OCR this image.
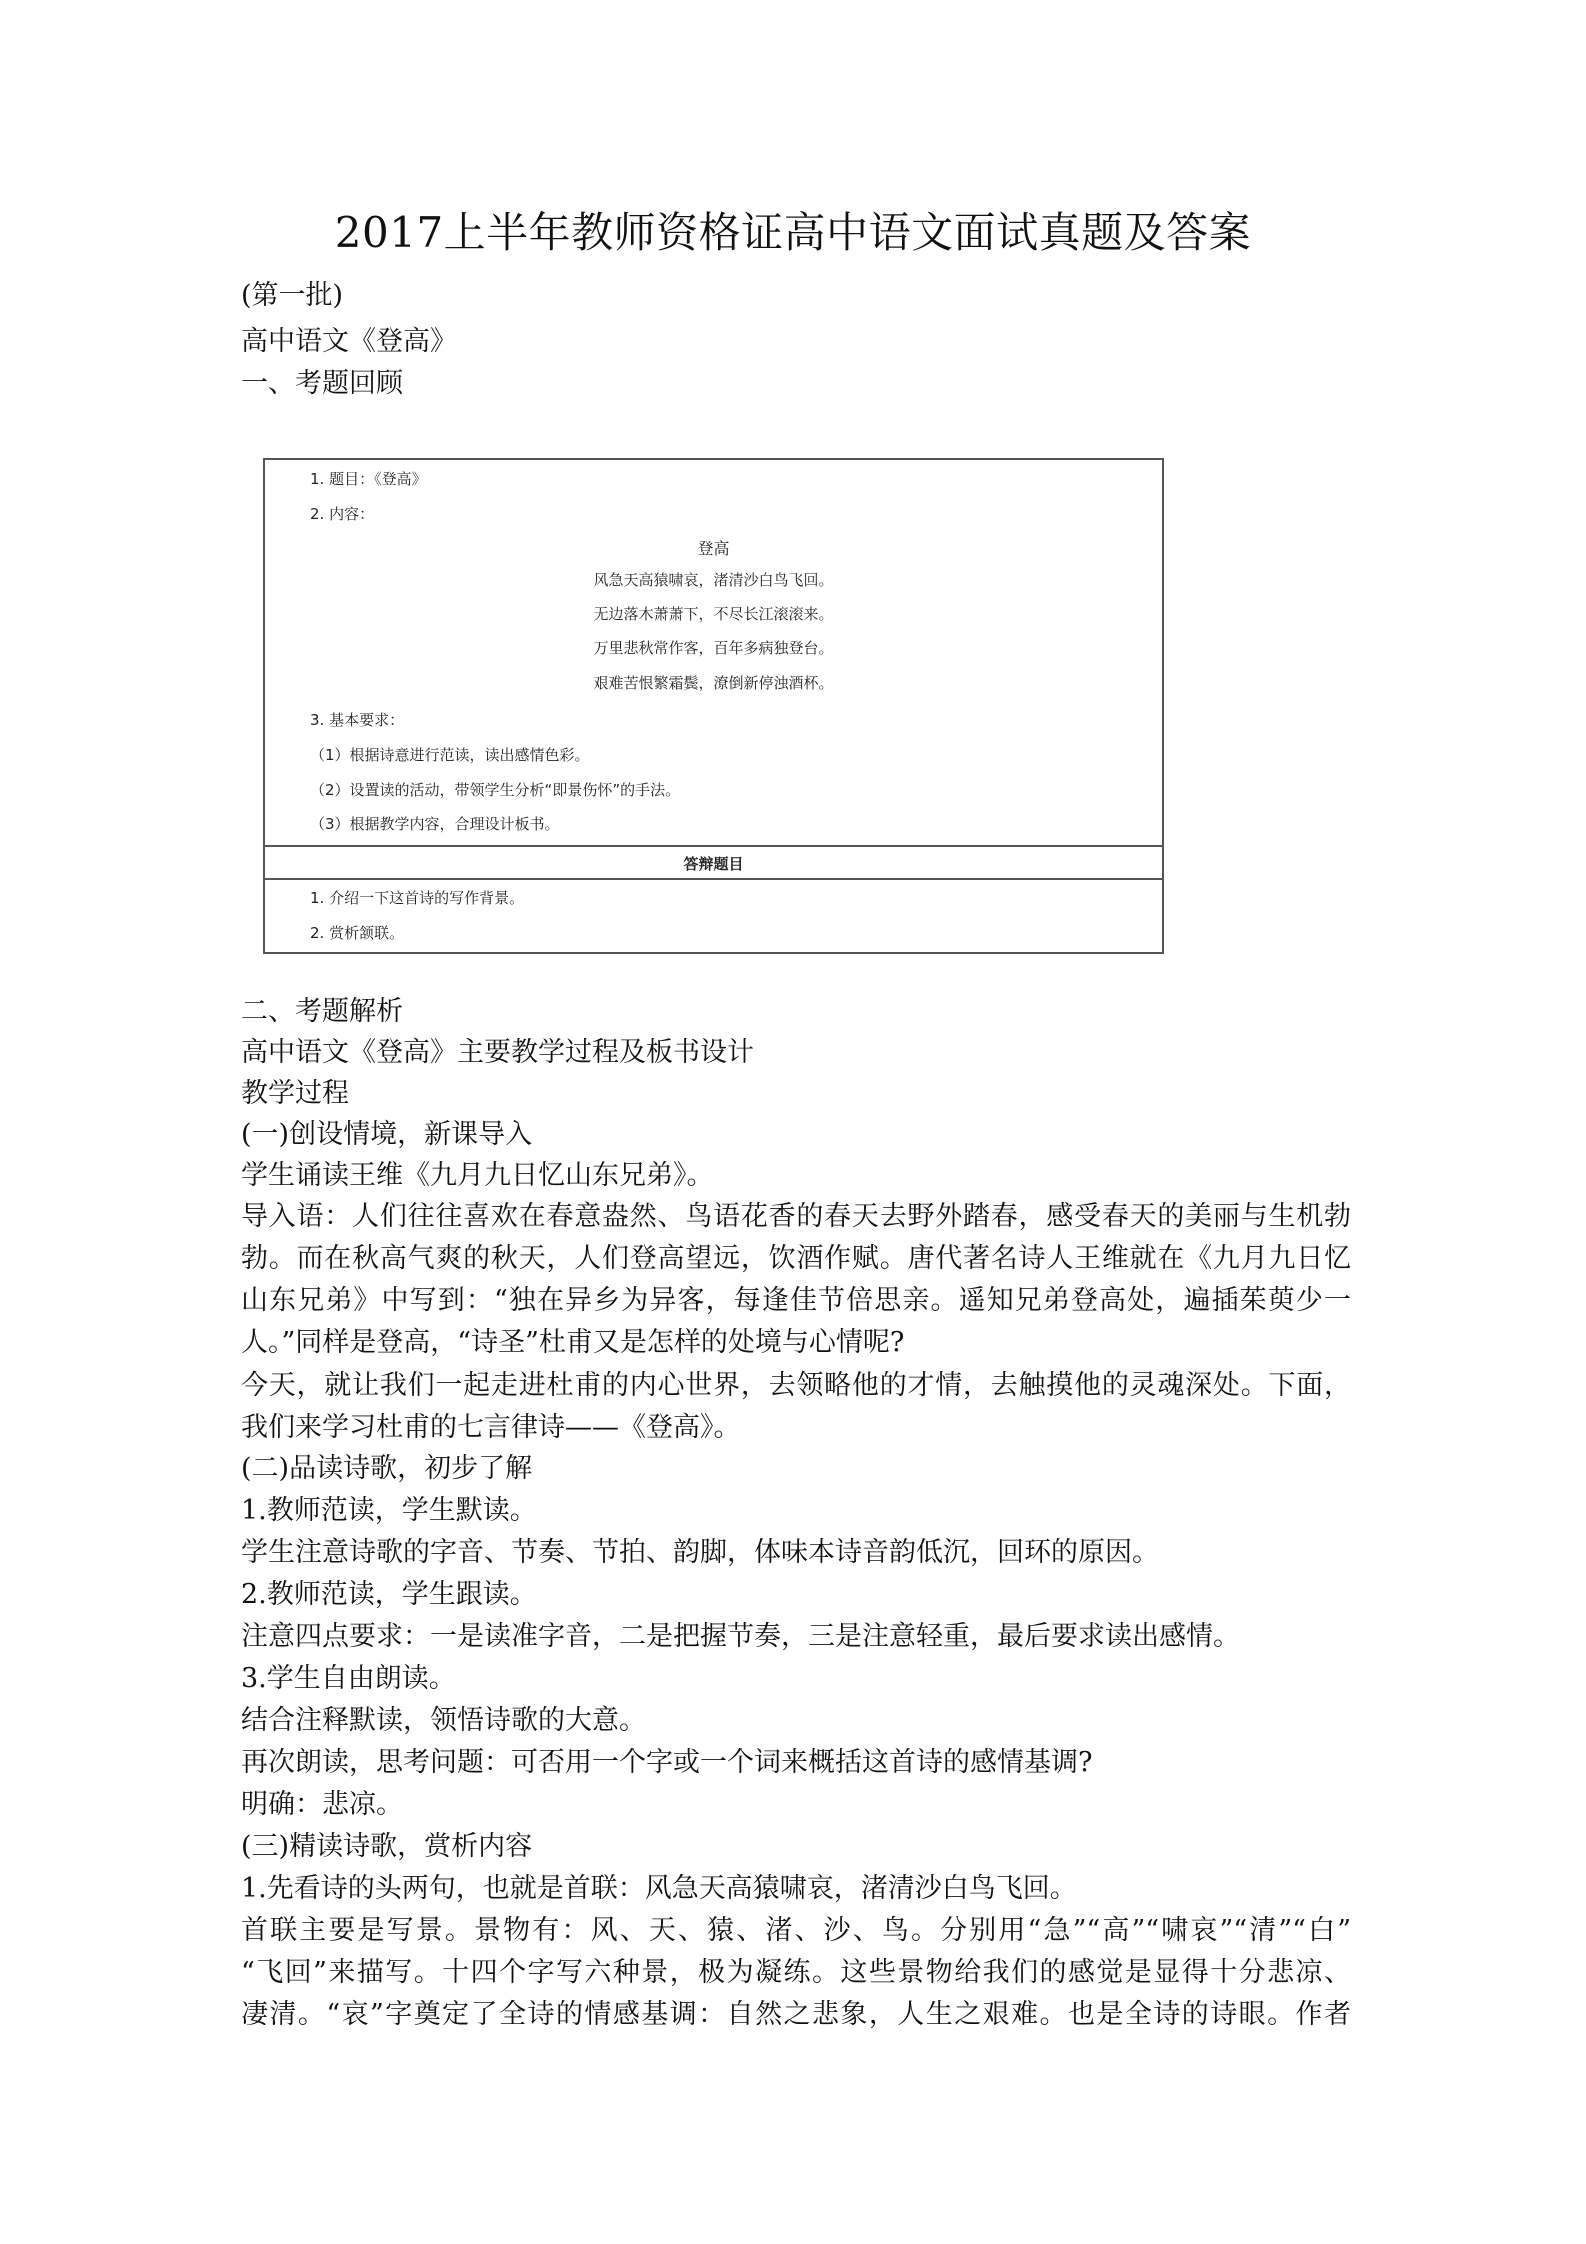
2017上半年教师资格证高中语文面试真题及答案
(第一批)
高中语文《登高》
一、考题回顾
1. 题目：《登高》
2. 内容：
登高
风急天高猿啸哀，渚清沙白鸟飞回。
无边落木萧萧下，不尽长江滚滚来。
万里悲秋常作客，百年多病独登台。
艰难苦恨繁霜鬓，潦倒新停浊酒杯。
3. 基本要求：
（1）根据诗意进行范读，读出感情色彩。
（2）设置读的活动，带领学生分析“即景伤怀”的手法。
（3）根据教学内容，合理设计板书。
答辩题目
1. 介绍一下这首诗的写作背景。
2. 赏析颔联。
二、考题解析
高中语文《登高》主要教学过程及板书设计
教学过程
(一)创设情境，新课导入
学生诵读王维《九月九日忆山东兄弟》。
导入语：人们往往喜欢在春意盎然、鸟语花香的春天去野外踏春，感受春天的美丽与生机勃
勃。而在秋高气爽的秋天，人们登高望远，饮酒作赋。唐代著名诗人王维就在《九月九日忆
山东兄弟》中写到：“独在异乡为异客，每逢佳节倍思亲。遥知兄弟登高处，遍插茱萸少一
人。”同样是登高，“诗圣”杜甫又是怎样的处境与心情呢?
今天，就让我们一起走进杜甫的内心世界，去领略他的才情，去触摸他的灵魂深处。下面，
我们来学习杜甫的七言律诗——《登高》。
(二)品读诗歌，初步了解
1.教师范读，学生默读。
学生注意诗歌的字音、节奏、节拍、韵脚，体味本诗音韵低沉，回环的原因。
2.教师范读，学生跟读。
注意四点要求：一是读准字音，二是把握节奏，三是注意轻重，最后要求读出感情。
3.学生自由朗读。
结合注释默读，领悟诗歌的大意。
再次朗读，思考问题：可否用一个字或一个词来概括这首诗的感情基调?
明确：悲凉。
(三)精读诗歌，赏析内容
1.先看诗的头两句，也就是首联：风急天高猿啸哀，渚清沙白鸟飞回。
首联主要是写景。景物有：风、天、猿、渚、沙、鸟。分别用“急”“高”“啸哀”“清”“白”
“飞回”来描写。十四个字写六种景，极为凝练。这些景物给我们的感觉是显得十分悲凉、
凄清。“哀”字奠定了全诗的情感基调：自然之悲象，人生之艰难。也是全诗的诗眼。作者
